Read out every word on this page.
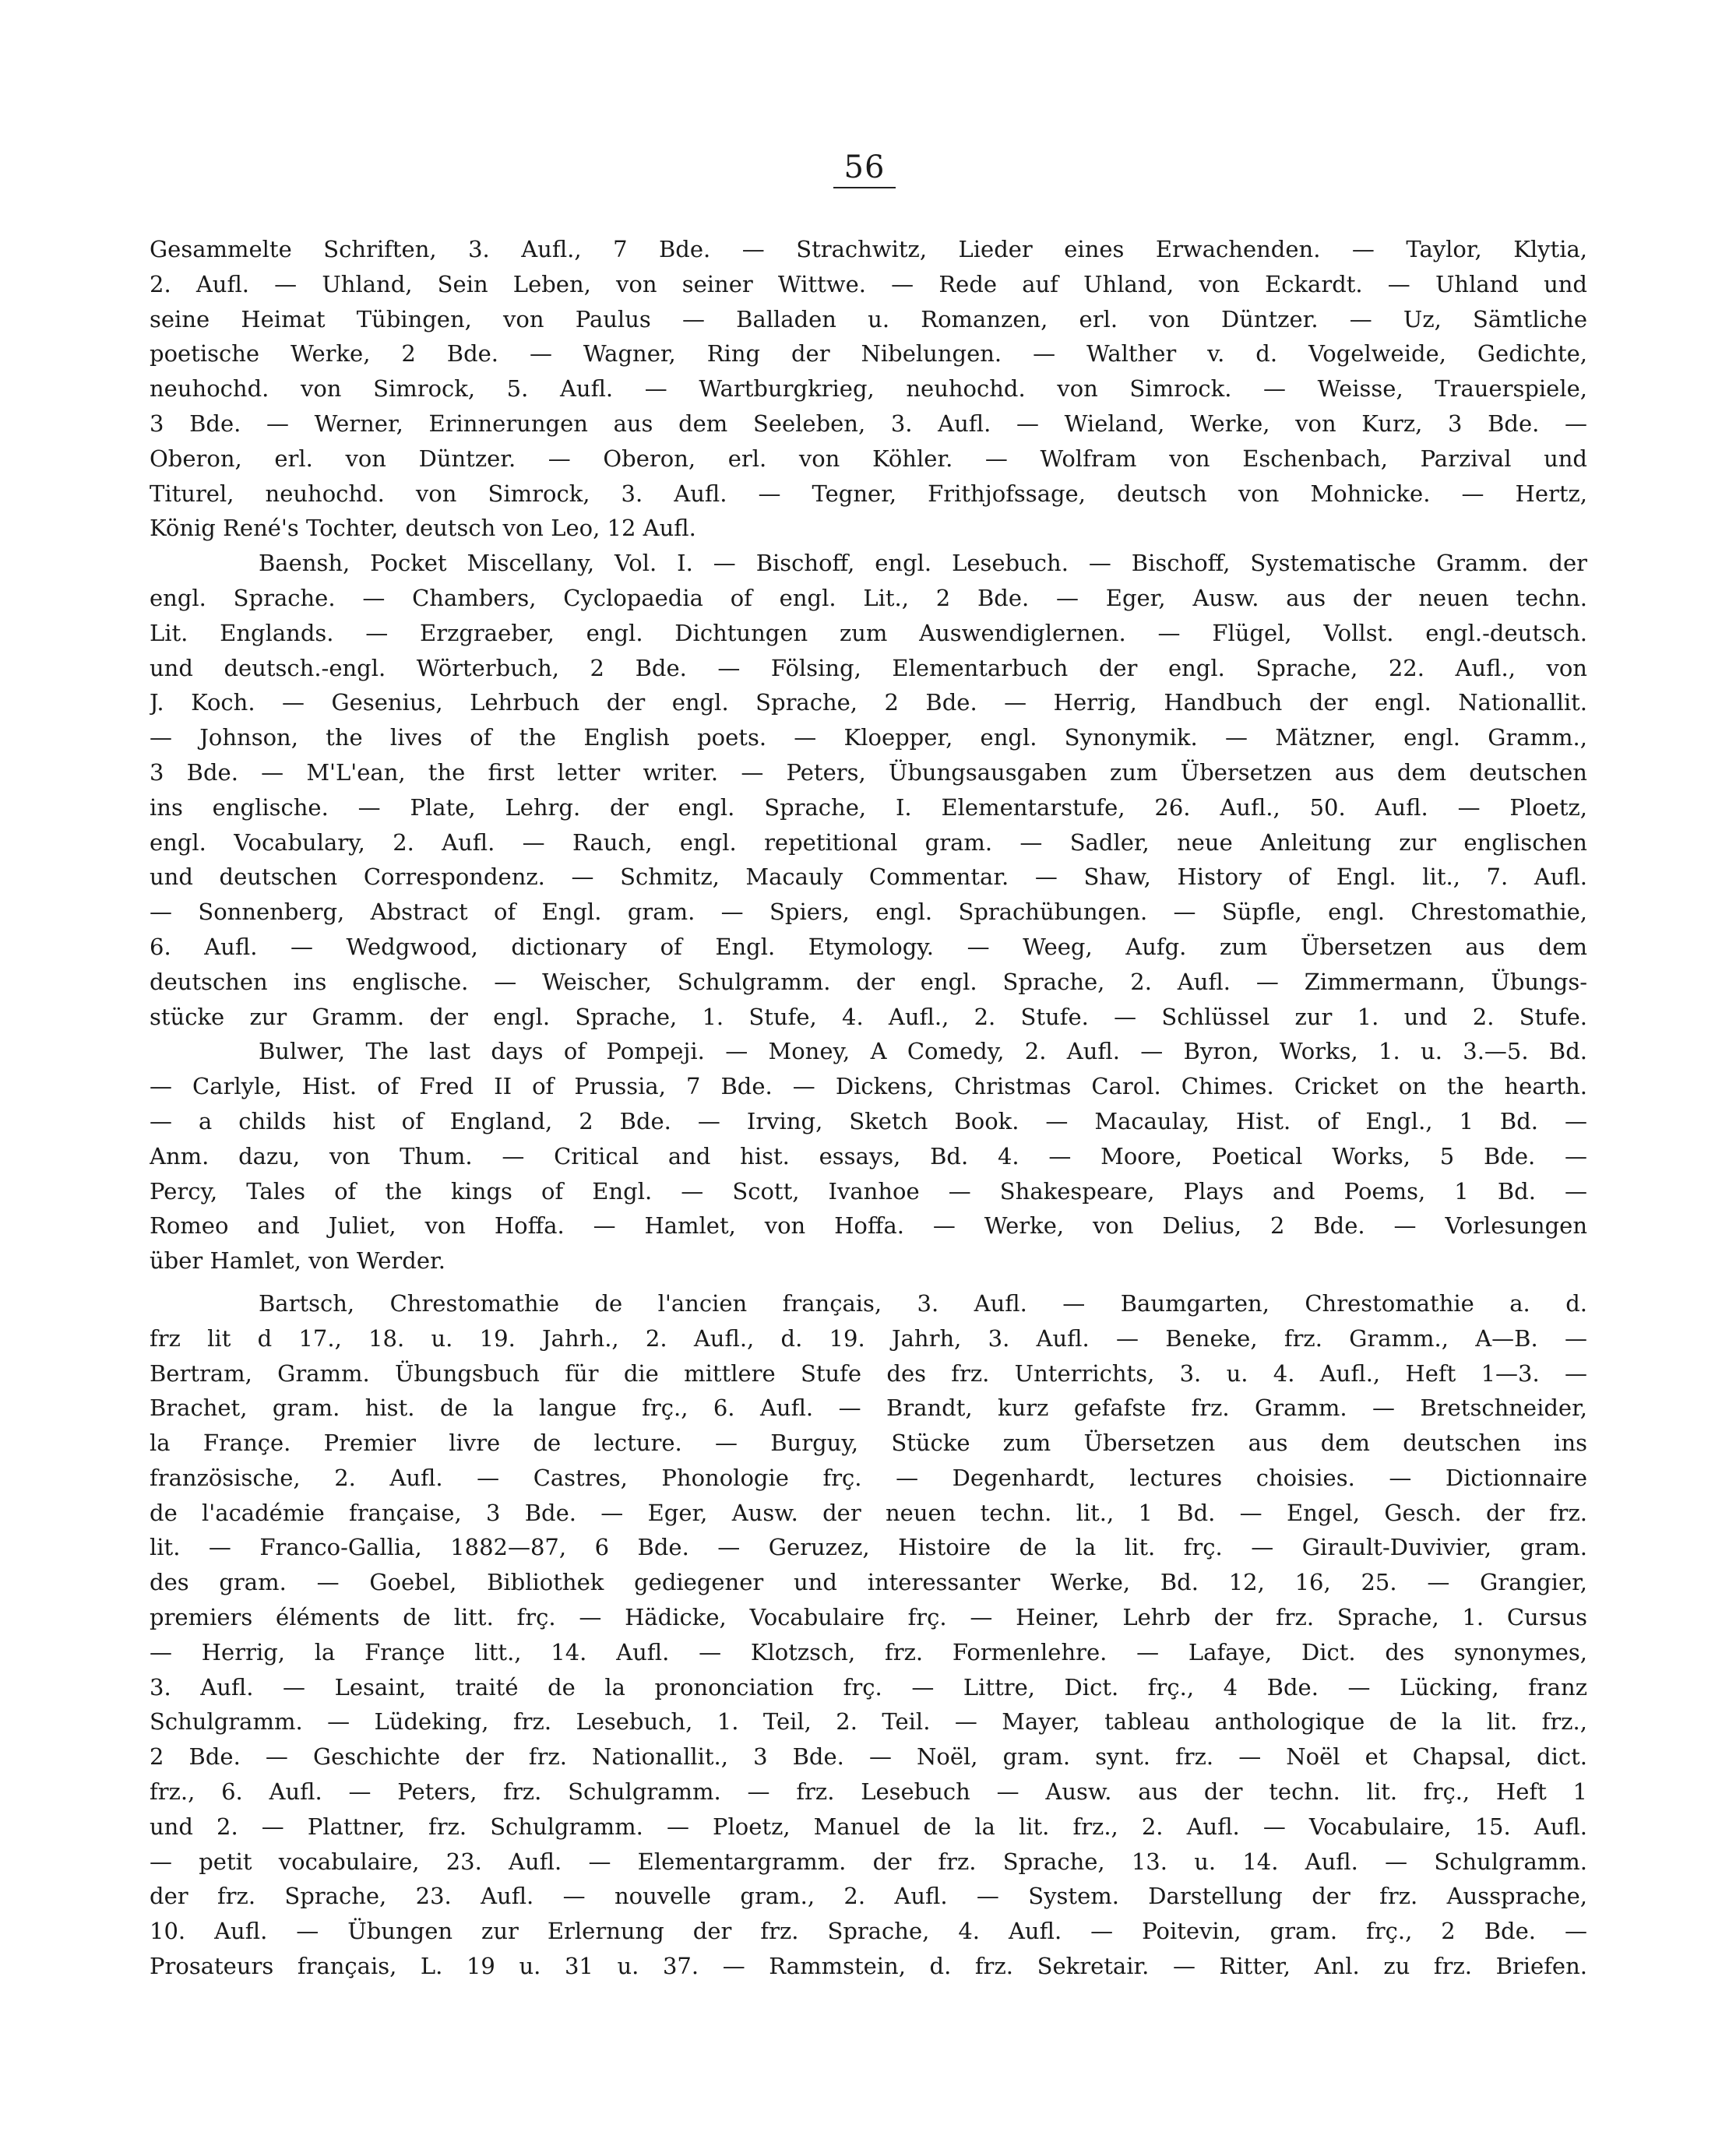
56
Gesammelte Schriften, 3. Aufl., 7 Bde. — Strachwitz, Lieder eines Erwachenden. — Taylor, Klytia,
2. Aufl. — Uhland, Sein Leben, von seiner Wittwe. — Rede auf Uhland, von Eckardt. — Uhland und
seine Heimat Tübingen, von Paulus — Balladen u. Romanzen, erl. von Düntzer. — Uz, Sämtliche
poetische Werke, 2 Bde. — Wagner, Ring der Nibelungen. — Walther v. d. Vogelweide, Gedichte,
neuhochd. von Simrock, 5. Aufl. — Wartburgkrieg, neuhochd. von Simrock. — Weisse, Trauerspiele,
3 Bde. — Werner, Erinnerungen aus dem Seeleben, 3. Aufl. — Wieland, Werke, von Kurz, 3 Bde. —
Oberon, erl. von Düntzer. — Oberon, erl. von Köhler. — Wolfram von Eschenbach, Parzival und
Titurel, neuhochd. von Simrock, 3. Aufl. — Tegner, Frithjofssage, deutsch von Mohnicke. — Hertz,
König René's Tochter, deutsch von Leo, 12 Aufl.
Baensh, Pocket Miscellany, Vol. I. — Bischoff, engl. Lesebuch. — Bischoff, Systematische Gramm. der
engl. Sprache. — Chambers, Cyclopaedia of engl. Lit., 2 Bde. — Eger, Ausw. aus der neuen techn.
Lit. Englands. — Erzgraeber, engl. Dichtungen zum Auswendiglernen. — Flügel, Vollst. engl.-deutsch.
und deutsch.-engl. Wörterbuch, 2 Bde. — Fölsing, Elementarbuch der engl. Sprache, 22. Aufl., von
J. Koch. — Gesenius, Lehrbuch der engl. Sprache, 2 Bde. — Herrig, Handbuch der engl. Nationallit.
— Johnson, the lives of the English poets. — Kloepper, engl. Synonymik. — Mätzner, engl. Gramm.,
3 Bde. — M'L'ean, the first letter writer. — Peters, Übungsausgaben zum Übersetzen aus dem deutschen
ins englische. — Plate, Lehrg. der engl. Sprache, I. Elementarstufe, 26. Aufl., 50. Aufl. — Ploetz,
engl. Vocabulary, 2. Aufl. — Rauch, engl. repetitional gram. — Sadler, neue Anleitung zur englischen
und deutschen Correspondenz. — Schmitz, Macauly Commentar. — Shaw, History of Engl. lit., 7. Aufl.
— Sonnenberg, Abstract of Engl. gram. — Spiers, engl. Sprachübungen. — Süpfle, engl. Chrestomathie,
6. Aufl. — Wedgwood, dictionary of Engl. Etymology. — Weeg, Aufg. zum Übersetzen aus dem
deutschen ins englische. — Weischer, Schulgramm. der engl. Sprache, 2. Aufl. — Zimmermann, Übungs-
stücke zur Gramm. der engl. Sprache, 1. Stufe, 4. Aufl., 2. Stufe. — Schlüssel zur 1. und 2. Stufe.
Bulwer, The last days of Pompeji. — Money, A Comedy, 2. Aufl. — Byron, Works, 1. u. 3.—5. Bd.
— Carlyle, Hist. of Fred II of Prussia, 7 Bde. — Dickens, Christmas Carol. Chimes. Cricket on the hearth.
— a childs hist of England, 2 Bde. — Irving, Sketch Book. — Macaulay, Hist. of Engl., 1 Bd. —
Anm. dazu, von Thum. — Critical and hist. essays, Bd. 4. — Moore, Poetical Works, 5 Bde. —
Percy, Tales of the kings of Engl. — Scott, Ivanhoe — Shakespeare, Plays and Poems, 1 Bd. —
Romeo and Juliet, von Hoffa. — Hamlet, von Hoffa. — Werke, von Delius, 2 Bde. — Vorlesungen
über Hamlet, von Werder.
Bartsch, Chrestomathie de l'ancien français, 3. Aufl. — Baumgarten, Chrestomathie a. d.
frz lit d 17., 18. u. 19. Jahrh., 2. Aufl., d. 19. Jahrh, 3. Aufl. — Beneke, frz. Gramm., A—B. —
Bertram, Gramm. Übungsbuch für die mittlere Stufe des frz. Unterrichts, 3. u. 4. Aufl., Heft 1—3. —
Brachet, gram. hist. de la langue frç., 6. Aufl. — Brandt, kurz gefafste frz. Gramm. — Bretschneider,
la Françe. Premier livre de lecture. — Burguy, Stücke zum Übersetzen aus dem deutschen ins
französische, 2. Aufl. — Castres, Phonologie frç. — Degenhardt, lectures choisies. — Dictionnaire
de l'académie française, 3 Bde. — Eger, Ausw. der neuen techn. lit., 1 Bd. — Engel, Gesch. der frz.
lit. — Franco-Gallia, 1882—87, 6 Bde. — Geruzez, Histoire de la lit. frç. — Girault-Duvivier, gram.
des gram. — Goebel, Bibliothek gediegener und interessanter Werke, Bd. 12, 16, 25. — Grangier,
premiers éléments de litt. frç. — Hädicke, Vocabulaire frç. — Heiner, Lehrb der frz. Sprache, 1. Cursus
— Herrig, la Françe litt., 14. Aufl. — Klotzsch, frz. Formenlehre. — Lafaye, Dict. des synonymes,
3. Aufl. — Lesaint, traité de la prononciation frç. — Littre, Dict. frç., 4 Bde. — Lücking, franz
Schulgramm. — Lüdeking, frz. Lesebuch, 1. Teil, 2. Teil. — Mayer, tableau anthologique de la lit. frz.,
2 Bde. — Geschichte der frz. Nationallit., 3 Bde. — Noël, gram. synt. frz. — Noël et Chapsal, dict.
frz., 6. Aufl. — Peters, frz. Schulgramm. — frz. Lesebuch — Ausw. aus der techn. lit. frç., Heft 1
und 2. — Plattner, frz. Schulgramm. — Ploetz, Manuel de la lit. frz., 2. Aufl. — Vocabulaire, 15. Aufl.
— petit vocabulaire, 23. Aufl. — Elementargramm. der frz. Sprache, 13. u. 14. Aufl. — Schulgramm.
der frz. Sprache, 23. Aufl. — nouvelle gram., 2. Aufl. — System. Darstellung der frz. Aussprache,
10. Aufl. — Übungen zur Erlernung der frz. Sprache, 4. Aufl. — Poitevin, gram. frç., 2 Bde. —
Prosateurs français, L. 19 u. 31 u. 37. — Rammstein, d. frz. Sekretair. — Ritter, Anl. zu frz. Briefen.
